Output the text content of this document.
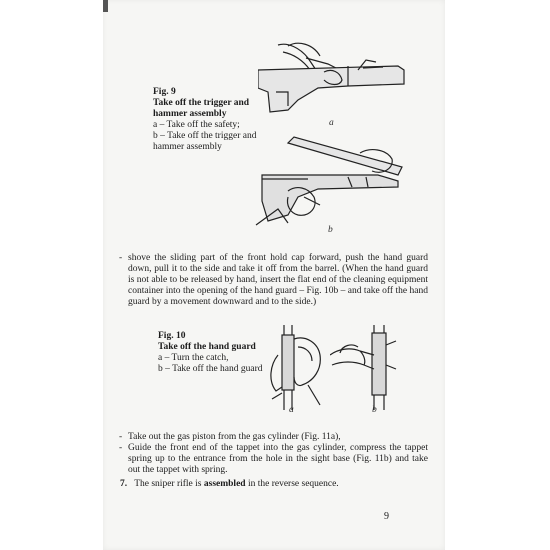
Fig. 9
Take off the trigger and hammer assembly
a – Take off the safety;
b – Take off the trigger and hammer assembly
a
b
- shove the sliding part of the front hold cap forward, push the hand guard down, pull it to the side and take it off from the barrel. (When the hand guard is not able to be released by hand, insert the flat end of the cleaning equipment container into the opening of the hand guard – Fig. 10b – and take off the hand guard by a movement downward and to the side.)
Fig. 10
Take off the hand guard
a – Turn the catch,
b – Take off the hand guard
a	b
- Take out the gas piston from the gas cylinder (Fig. 11a),
- Guide the front end of the tappet into the gas cylinder, compress the tappet spring up to the entrance from the hole in the sight base (Fig. 11b) and take out the tappet with spring.
7. The sniper rifle is assembled in the reverse sequence.
9
